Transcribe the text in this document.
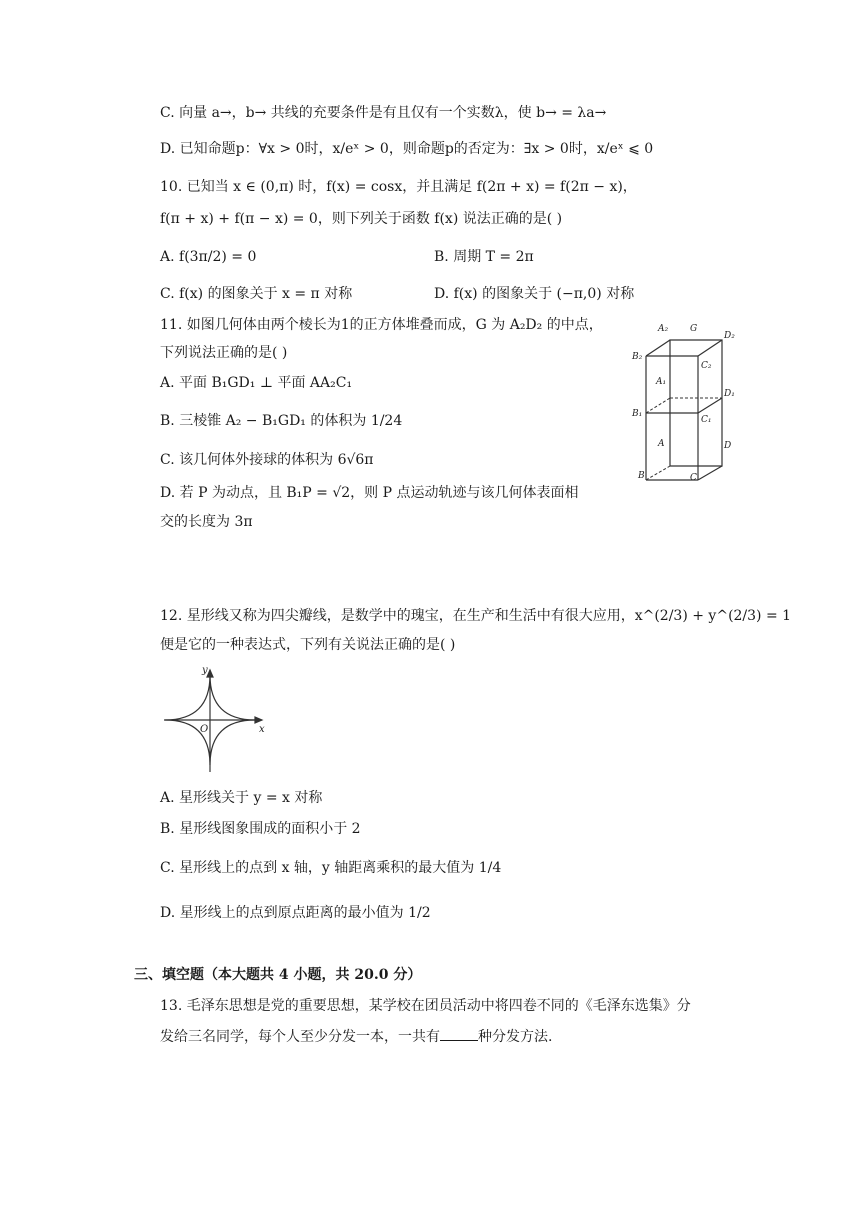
C. 向量 a→，b→ 共线的充要条件是有且仅有一个实数λ，使 b→ = λa→
D. 已知命题p：∀x > 0时，x/eˣ > 0，则命题p的否定为：∃x > 0时，x/eˣ ⩽ 0
10. 已知当 x ∈ (0,π) 时，f(x) = cosx，并且满足 f(2π + x) = f(2π − x)，
f(π + x) + f(π − x) = 0，则下列关于函数 f(x) 说法正确的是( )
A. f(3π/2) = 0	B. 周期 T = 2π
C. f(x) 的图象关于 x = π 对称	D. f(x) 的图象关于 (−π,0) 对称
11. 如图几何体由两个棱长为1的正方体堆叠而成，G 为 A₂D₂ 的中点，
下列说法正确的是( )
A. 平面 B₁GD₁ ⊥ 平面 AA₂C₁
B. 三棱锥 A₂ − B₁GD₁ 的体积为 1/24
C. 该几何体外接球的体积为 6√6π
D. 若 P 为动点，且 B₁P = √2，则 P 点运动轨迹与该几何体表面相
交的长度为 3π
A₂ G
D₂
B₂
C₂
A₁
D₁
B₁
C₁
A	D
B	C
12. 星形线又称为四尖瓣线，是数学中的瑰宝，在生产和生活中有很大应用，x^(2/3) + y^(2/3) = 1
便是它的一种表达式，下列有关说法正确的是( )
y
x
O
A. 星形线关于 y = x 对称
B. 星形线图象围成的面积小于 2
C. 星形线上的点到 x 轴，y 轴距离乘积的最大值为 1/4
D. 星形线上的点到原点距离的最小值为 1/2
三、填空题（本大题共 4 小题，共 20.0 分）
13. 毛泽东思想是党的重要思想，某学校在团员活动中将四卷不同的《毛泽东选集》分
发给三名同学，每个人至少分发一本，一共有	种分发方法.
